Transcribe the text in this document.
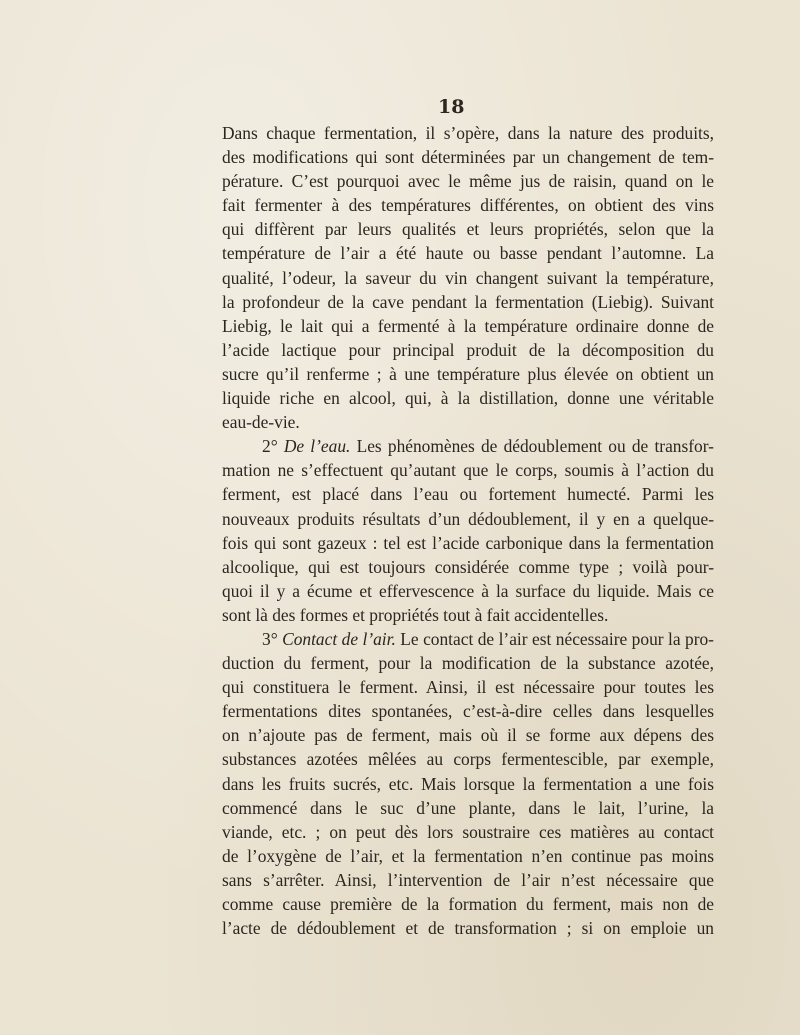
18
Dans chaque fermentation, il s’opère, dans la nature des produits,
des modifications qui sont déterminées par un changement de tem-
pérature. C’est pourquoi avec le même jus de raisin, quand on le
fait fermenter à des températures différentes, on obtient des vins
qui diffèrent par leurs qualités et leurs propriétés, selon que la
température de l’air a été haute ou basse pendant l’automne. La
qualité, l’odeur, la saveur du vin changent suivant la température,
la profondeur de la cave pendant la fermentation (Liebig). Suivant
Liebig, le lait qui a fermenté à la température ordinaire donne de
l’acide lactique pour principal produit de la décomposition du
sucre qu’il renferme ; à une température plus élevée on obtient un
liquide riche en alcool, qui, à la distillation, donne une véritable
eau-de-vie.
2° De l’eau. Les phénomènes de dédoublement ou de transfor-
mation ne s’effectuent qu’autant que le corps, soumis à l’action du
ferment, est placé dans l’eau ou fortement humecté. Parmi les
nouveaux produits résultats d’un dédoublement, il y en a quelque-
fois qui sont gazeux : tel est l’acide carbonique dans la fermentation
alcoolique, qui est toujours considérée comme type ; voilà pour-
quoi il y a écume et effervescence à la surface du liquide. Mais ce
sont là des formes et propriétés tout à fait accidentelles.
3° Contact de l’air. Le contact de l’air est nécessaire pour la pro-
duction du ferment, pour la modification de la substance azotée,
qui constituera le ferment. Ainsi, il est nécessaire pour toutes les
fermentations dites spontanées, c’est-à-dire celles dans lesquelles
on n’ajoute pas de ferment, mais où il se forme aux dépens des
substances azotées mêlées au corps fermentescible, par exemple,
dans les fruits sucrés, etc. Mais lorsque la fermentation a une fois
commencé dans le suc d’une plante, dans le lait, l’urine, la
viande, etc. ; on peut dès lors soustraire ces matières au contact
de l’oxygène de l’air, et la fermentation n’en continue pas moins
sans s’arrêter. Ainsi, l’intervention de l’air n’est nécessaire que
comme cause première de la formation du ferment, mais non de
l’acte de dédoublement et de transformation ; si on emploie un
